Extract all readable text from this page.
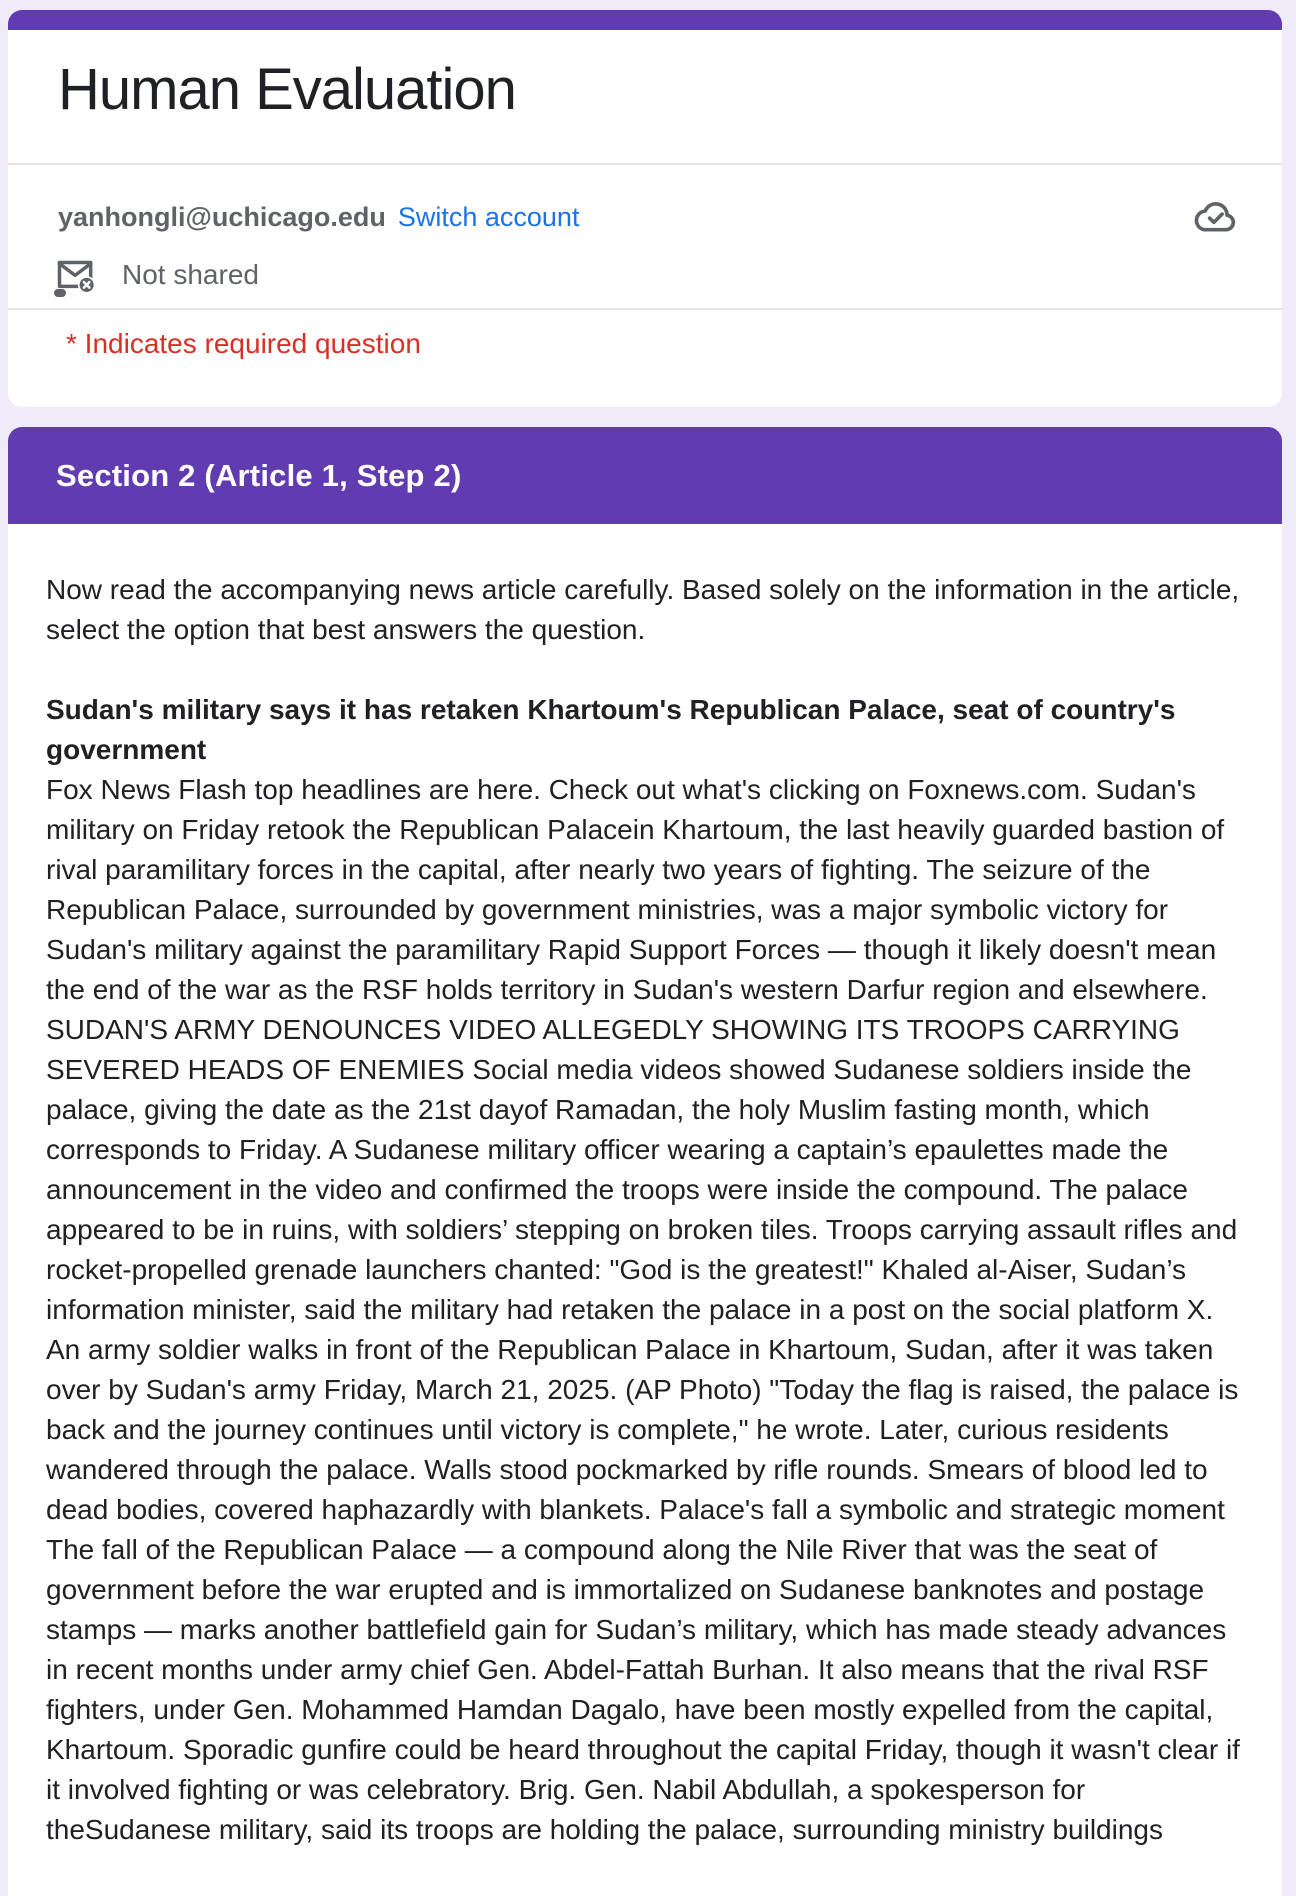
Human Evaluation
yanhongli@uchicago.edu Switch account
Not shared
* Indicates required question
Section 2 (Article 1, Step 2)

Now read the accompanying news article carefully. Based solely on the information in the article, select the option that best answers the question.

Sudan's military says it has retaken Khartoum's Republican Palace, seat of country's government

Fox News Flash top headlines are here. Check out what's clicking on Foxnews.com. Sudan's military on Friday retook the Republican Palacein Khartoum, the last heavily guarded bastion of rival paramilitary forces in the capital, after nearly two years of fighting. The seizure of the Republican Palace, surrounded by government ministries, was a major symbolic victory for Sudan's military against the paramilitary Rapid Support Forces — though it likely doesn't mean the end of the war as the RSF holds territory in Sudan's western Darfur region and elsewhere. SUDAN'S ARMY DENOUNCES VIDEO ALLEGEDLY SHOWING ITS TROOPS CARRYING SEVERED HEADS OF ENEMIES Social media videos showed Sudanese soldiers inside the palace, giving the date as the 21st dayof Ramadan, the holy Muslim fasting month, which corresponds to Friday. A Sudanese military officer wearing a captain’s epaulettes made the announcement in the video and confirmed the troops were inside the compound. The palace appeared to be in ruins, with soldiers’ stepping on broken tiles. Troops carrying assault rifles and rocket-propelled grenade launchers chanted: "God is the greatest!" Khaled al-Aiser, Sudan’s information minister, said the military had retaken the palace in a post on the social platform X. An army soldier walks in front of the Republican Palace in Khartoum, Sudan, after it was taken over by Sudan's army Friday, March 21, 2025. (AP Photo) "Today the flag is raised, the palace is back and the journey continues until victory is complete," he wrote. Later, curious residents wandered through the palace. Walls stood pockmarked by rifle rounds. Smears of blood led to dead bodies, covered haphazardly with blankets. Palace's fall a symbolic and strategic moment The fall of the Republican Palace — a compound along the Nile River that was the seat of government before the war erupted and is immortalized on Sudanese banknotes and postage stamps — marks another battlefield gain for Sudan’s military, which has made steady advances in recent months under army chief Gen. Abdel-Fattah Burhan. It also means that the rival RSF fighters, under Gen. Mohammed Hamdan Dagalo, have been mostly expelled from the capital, Khartoum. Sporadic gunfire could be heard throughout the capital Friday, though it wasn't clear if it involved fighting or was celebratory. Brig. Gen. Nabil Abdullah, a spokesperson for theSudanese military, said its troops are holding the palace, surrounding ministry buildings
